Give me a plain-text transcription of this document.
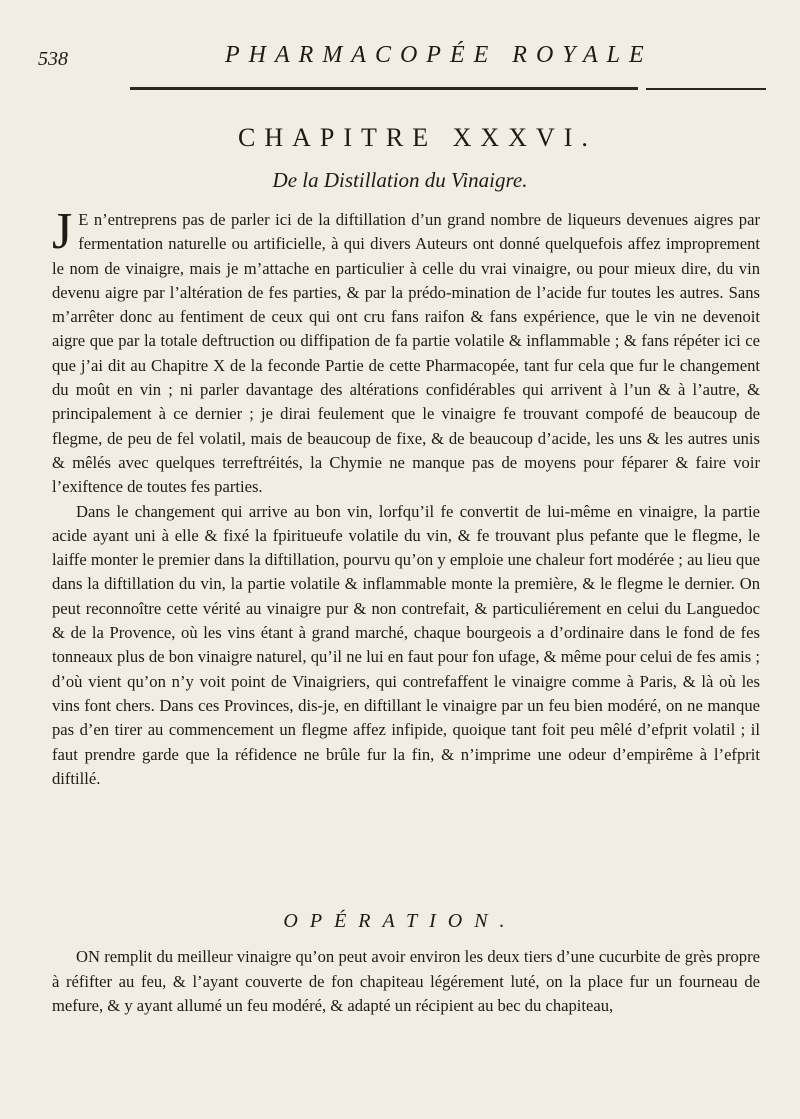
538	PHARMACOPÉE ROYALE
CHAPITRE XXXVI.
De la Distillation du Vinaigre.

JE n’entreprens pas de parler ici de la diftillation d’un grand nombre de liqueurs devenues aigres par fermentation naturelle ou artificielle, à qui divers Auteurs ont donné quelquefois affez improprement le nom de vinaigre, mais je m’attache en particulier à celle du vrai vinaigre, ou pour mieux dire, du vin devenu aigre par l’altération de fes parties, & par la prédo-mination de l’acide fur toutes les autres. Sans m’arrêter donc au fentiment de ceux qui ont cru fans raifon & fans expérience, que le vin ne devenoit aigre que par la totale deftruction ou diffipation de fa partie volatile & inflammable ; & fans répéter ici ce que j’ai dit au Chapitre X de la feconde Partie de cette Pharmacopée, tant fur cela que fur le changement du moût en vin ; ni parler davantage des altérations confidérables qui arrivent à l’un & à l’autre, & principalement à ce dernier ; je dirai feulement que le vinaigre fe trouvant compofé de beaucoup de flegme, de peu de fel volatil, mais de beaucoup de fixe, & de beaucoup d’acide, les uns & les autres unis & mêlés avec quelques terreftréités, la Chymie ne manque pas de moyens pour féparer & faire voir l’exiftence de toutes fes parties.

Dans le changement qui arrive au bon vin, lorfqu’il fe convertit de lui-même en vinaigre, la partie acide ayant uni à elle & fixé la fpiritueufe volatile du vin, & fe trouvant plus pefante que le flegme, le laiffe monter le premier dans la diftillation, pourvu qu’on y emploie une chaleur fort modérée ; au lieu que dans la diftillation du vin, la partie volatile & inflammable monte la première, & le flegme le dernier. On peut reconnoître cette vérité au vinaigre pur & non contrefait, & particuliérement en celui du Languedoc & de la Provence, où les vins étant à grand marché, chaque bourgeois a d’ordinaire dans le fond de fes tonneaux plus de bon vinaigre naturel, qu’il ne lui en faut pour fon ufage, & même pour celui de fes amis ; d’où vient qu’on n’y voit point de Vinaigriers, qui contrefaffent le vinaigre comme à Paris, & là où les vins font chers. Dans ces Provinces, dis-je, en diftillant le vinaigre par un feu bien modéré, on ne manque pas d’en tirer au commencement un flegme affez infipide, quoique tant foit peu mêlé d’efprit volatil ; il faut prendre garde que la réfidence ne brûle fur la fin, & n’imprime une odeur d’empirême à l’efprit diftillé.

OPÉRATION.

ON remplit du meilleur vinaigre qu’on peut avoir environ les deux tiers d’une cucurbite de grès propre à réfifter au feu, & l’ayant couverte de fon chapiteau légérement luté, on la place fur un fourneau de mefure, & y ayant allumé un feu modéré, & adapté un récipient au bec du chapiteau,
